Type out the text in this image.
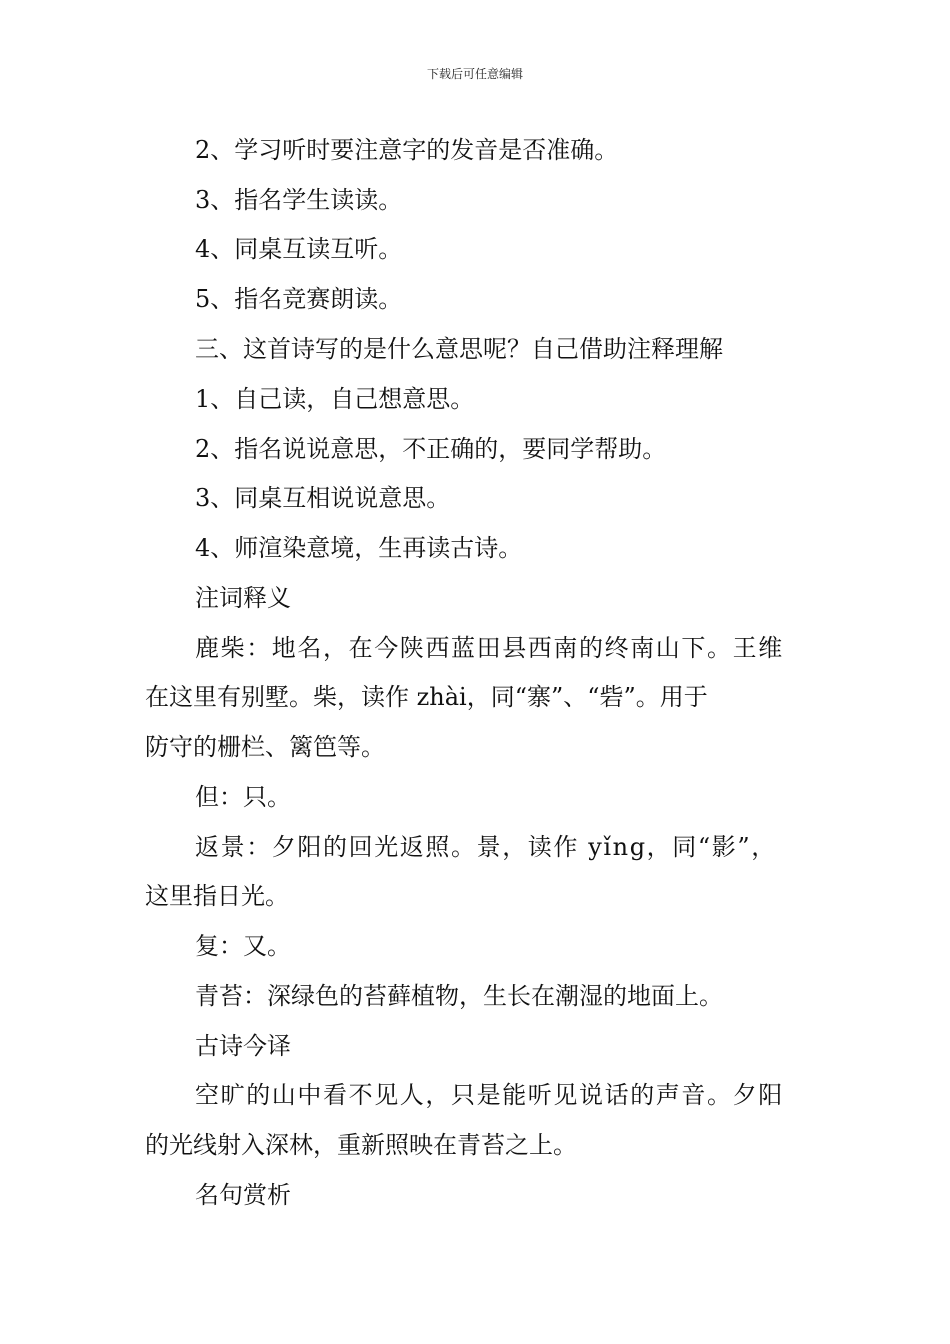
下载后可任意编辑
2、学习听时要注意字的发音是否准确。
3、指名学生读读。
4、同桌互读互听。
5、指名竞赛朗读。
三、这首诗写的是什么意思呢？自己借助注释理解
1、自己读，自己想意思。
2、指名说说意思，不正确的，要同学帮助。
3、同桌互相说说意思。
4、师渲染意境，生再读古诗。
注词释义
鹿柴：地名，在今陕西蓝田县西南的终南山下。王维
在这里有别墅。柴，读作 zhài，同“寨”、“砦”。用于
防守的栅栏、篱笆等。
但：只。
返景：夕阳的回光返照。景，读作 yǐng，同“影”，
这里指日光。
复：又。
青苔：深绿色的苔藓植物，生长在潮湿的地面上。
古诗今译
空旷的山中看不见人，只是能听见说话的声音。夕阳
的光线射入深林，重新照映在青苔之上。
名句赏析
